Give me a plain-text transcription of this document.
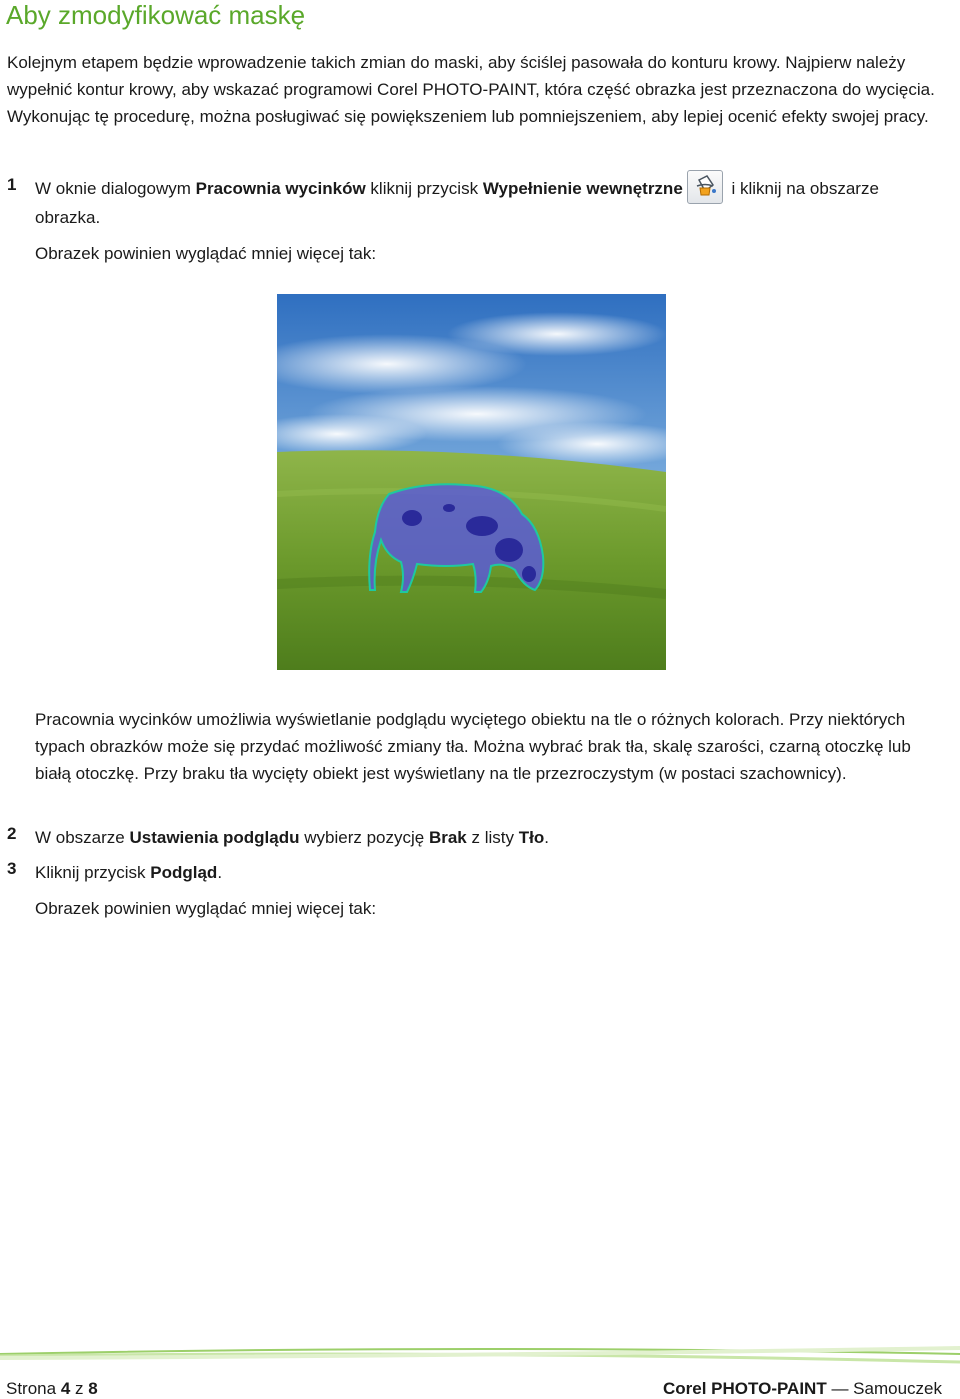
Aby zmodyfikować maskę

Kolejnym etapem będzie wprowadzenie takich zmian do maski, aby ściślej pasowała do konturu krowy. Najpierw należy wypełnić kontur krowy, aby wskazać programowi Corel PHOTO-PAINT, która część obrazka jest przeznaczona do wycięcia. Wykonując tę procedurę, można posługiwać się powiększeniem lub pomniejszeniem, aby lepiej ocenić efekty swojej pracy.

1 W oknie dialogowym Pracownia wycinków kliknij przycisk Wypełnienie wewnętrzne	i kliknij na obszarze obrazka.

Obrazek powinien wyglądać mniej więcej tak:

Pracownia wycinków umożliwia wyświetlanie podglądu wyciętego obiektu na tle o różnych kolorach. Przy niektórych typach obrazków może się przydać możliwość zmiany tła. Można wybrać brak tła, skalę szarości, czarną otoczkę lub białą otoczkę. Przy braku tła wycięty obiekt jest wyświetlany na tle przezroczystym (w postaci szachownicy).

2 W obszarze Ustawienia podglądu wybierz pozycję Brak z listy Tło.

3 Kliknij przycisk Podgląd.

Obrazek powinien wyglądać mniej więcej tak:

Strona 4 z 8	Corel PHOTO-PAINT — Samouczek
